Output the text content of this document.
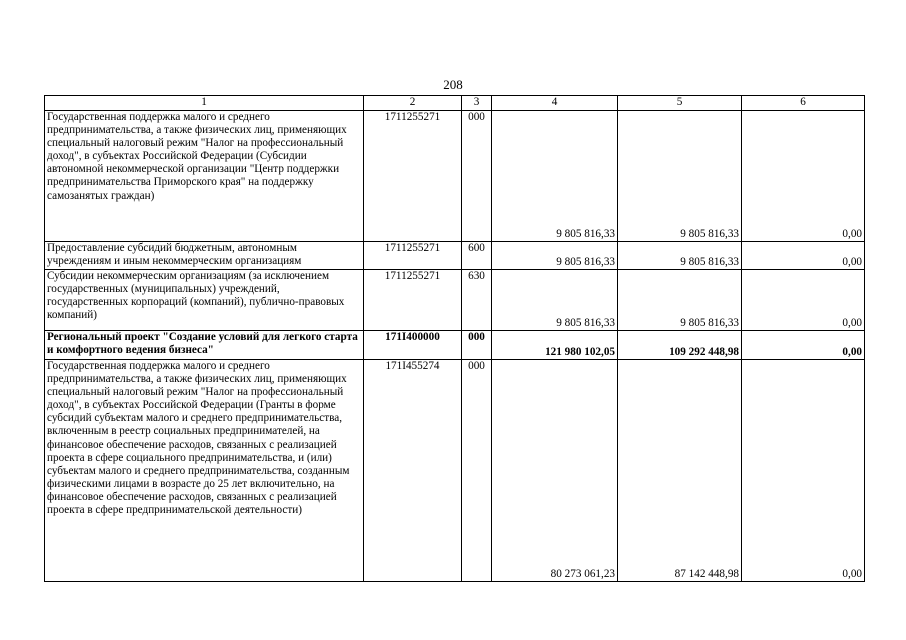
208
1	2	3	4	5	6
Государственная поддержка малого и среднего предпринимательства, а также физических лиц, применяющих специальный налоговый режим "Налог на профессиональный доход", в субъектах Российской Федерации (Субсидии автономной некоммерческой организации "Центр поддержки предпринимательства Приморского края" на поддержку самозанятых граждан)	1711255271	000	9 805 816,33	9 805 816,33	0,00
Предоставление субсидий бюджетным, автономным учреждениям и иным некоммерческим организациям	1711255271	600	9 805 816,33	9 805 816,33	0,00
Субсидии некоммерческим организациям (за исключением государственных (муниципальных) учреждений, государственных корпораций (компаний), публично-правовых компаний)	1711255271	630	9 805 816,33	9 805 816,33	0,00
Региональный проект "Создание условий для легкого старта и комфортного ведения бизнеса"	171I400000	000	121 980 102,05	109 292 448,98	0,00
Государственная поддержка малого и среднего предпринимательства, а также физических лиц, применяющих специальный налоговый режим "Налог на профессиональный доход", в субъектах Российской Федерации (Гранты в форме субсидий субъектам малого и среднего предпринимательства, включенным в реестр социальных предпринимателей, на финансовое обеспечение расходов, связанных с реализацией проекта в сфере социального предпринимательства, и (или) субъектам малого и среднего предпринимательства, созданным физическими лицами в возрасте до 25 лет включительно, на финансовое обеспечение расходов, связанных с реализацией проекта в сфере предпринимательской деятельности)	171I455274	000	80 273 061,23	87 142 448,98	0,00
